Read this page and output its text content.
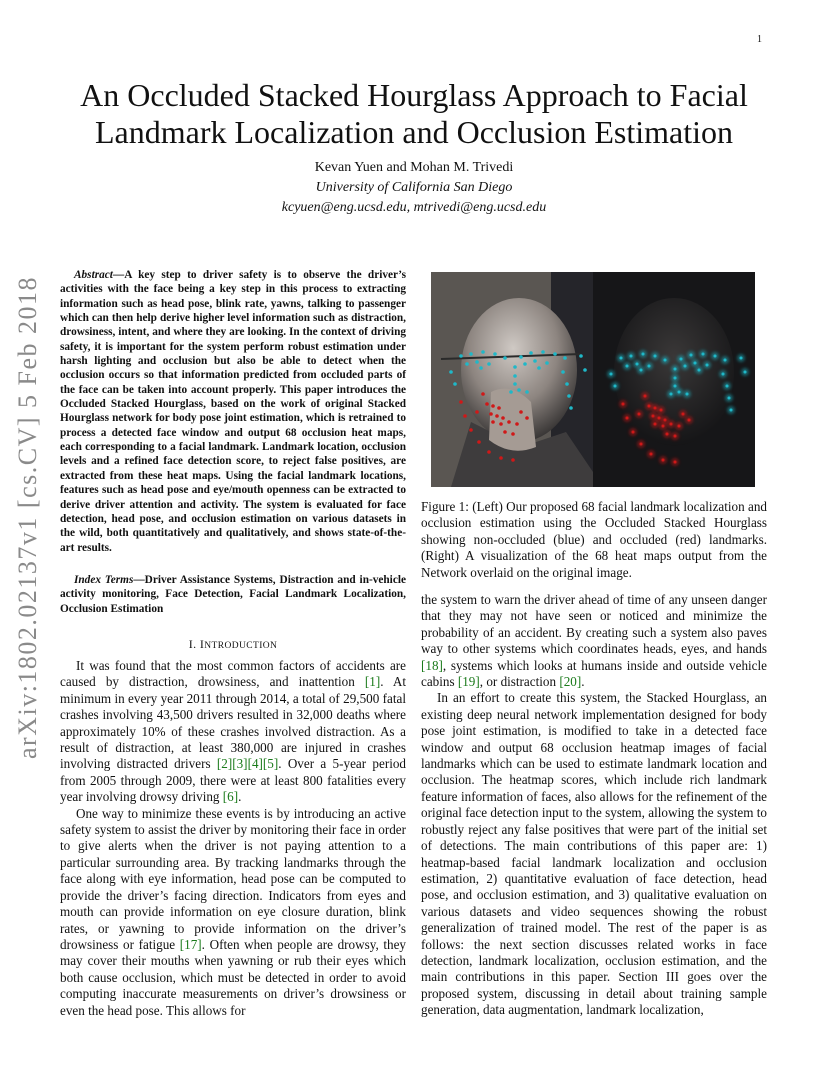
1
arXiv:1802.02137v1 [cs.CV] 5 Feb 2018
An Occluded Stacked Hourglass Approach to Facial
Landmark Localization and Occlusion Estimation
Kevan Yuen and Mohan M. Trivedi
University of California San Diego
kcyuen@eng.ucsd.edu, mtrivedi@eng.ucsd.edu
Abstract—A key step to driver safety is to observe the driver’s activities with the face being a key step in this process to extracting information such as head pose, blink rate, yawns, talking to passenger which can then help derive higher level information such as distraction, drowsiness, intent, and where they are looking. In the context of driving safety, it is important for the system perform robust estimation under harsh lighting and occlusion but also be able to detect when the occlusion occurs so that information predicted from occluded parts of the face can be taken into account properly. This paper introduces the Occluded Stacked Hourglass, based on the work of original Stacked Hourglass network for body pose joint estimation, which is retrained to process a detected face window and output 68 occlusion heat maps, each corresponding to a facial landmark. Landmark location, occlusion levels and a refined face detection score, to reject false positives, are extracted from these heat maps. Using the facial landmark locations, features such as head pose and eye/mouth openness can be extracted to derive driver attention and activity. The system is evaluated for face detection, head pose, and occlusion estimation on various datasets in the wild, both quantitatively and qualitatively, and shows state-of-the-art results.
Index Terms—Driver Assistance Systems, Distraction and in-vehicle activity monitoring, Face Detection, Facial Landmark Localization, Occlusion Estimation
I. INTRODUCTION

It was found that the most common factors of accidents are caused by distraction, drowsiness, and inattention [1]. At minimum in every year 2011 through 2014, a total of 29,500 fatal crashes involving 43,500 drivers resulted in 32,000 deaths where approximately 10% of these crashes involved distraction. As a result of distraction, at least 380,000 are injured in crashes involving distracted drivers [2][3][4][5]. Over a 5-year period from 2005 through 2009, there were at least 800 fatalities every year involving drowsy driving [6].

One way to minimize these events is by introducing an active safety system to assist the driver by monitoring their face in order to give alerts when the driver is not paying attention to a particular surrounding area. By tracking landmarks through the face along with eye information, head pose can be computed to provide the driver’s facing direction. Indicators from eyes and mouth can provide information on eye closure duration, blink rates, or yawning to provide information on the driver’s drowsiness or fatigue [17]. Often when people are drowsy, they may cover their mouths when yawning or rub their eyes which both cause occlusion, which must be detected in order to avoid computing inaccurate measurements on driver’s drowsiness or even the head pose. This allows for

Figure 1: (Left) Our proposed 68 facial landmark localization and occlusion estimation using the Occluded Stacked Hourglass showing non-occluded (blue) and occluded (red) landmarks. (Right) A visualization of the 68 heat maps output from the Network overlaid on the original image.

the system to warn the driver ahead of time of any unseen danger that they may not have seen or noticed and minimize the probability of an accident. By creating such a system also paves way to other systems which coordinates heads, eyes, and hands [18], systems which looks at humans inside and outside vehicle cabins [19], or distraction [20].

In an effort to create this system, the Stacked Hourglass, an existing deep neural network implementation designed for body pose joint estimation, is modified to take in a detected face window and output 68 occlusion heatmap images of facial landmarks which can be used to estimate landmark location and occlusion. The heatmap scores, which include rich landmark feature information of faces, also allows for the refinement of the original face detection input to the system, allowing the system to robustly reject any false positives that were part of the initial set of detections. The main contributions of this paper are: 1) heatmap-based facial landmark localization and occlusion estimation, 2) quantitative evaluation of face detection, head pose, and occlusion estimation, and 3) qualitative evaluation on various datasets and video sequences showing the robust generalization of trained model. The rest of the paper is as follows: the next section discusses related works in face detection, landmark localization, occlusion estimation, and the main contributions in this paper. Section III goes over the proposed system, discussing in detail about training sample generation, data augmentation, landmark localization,
